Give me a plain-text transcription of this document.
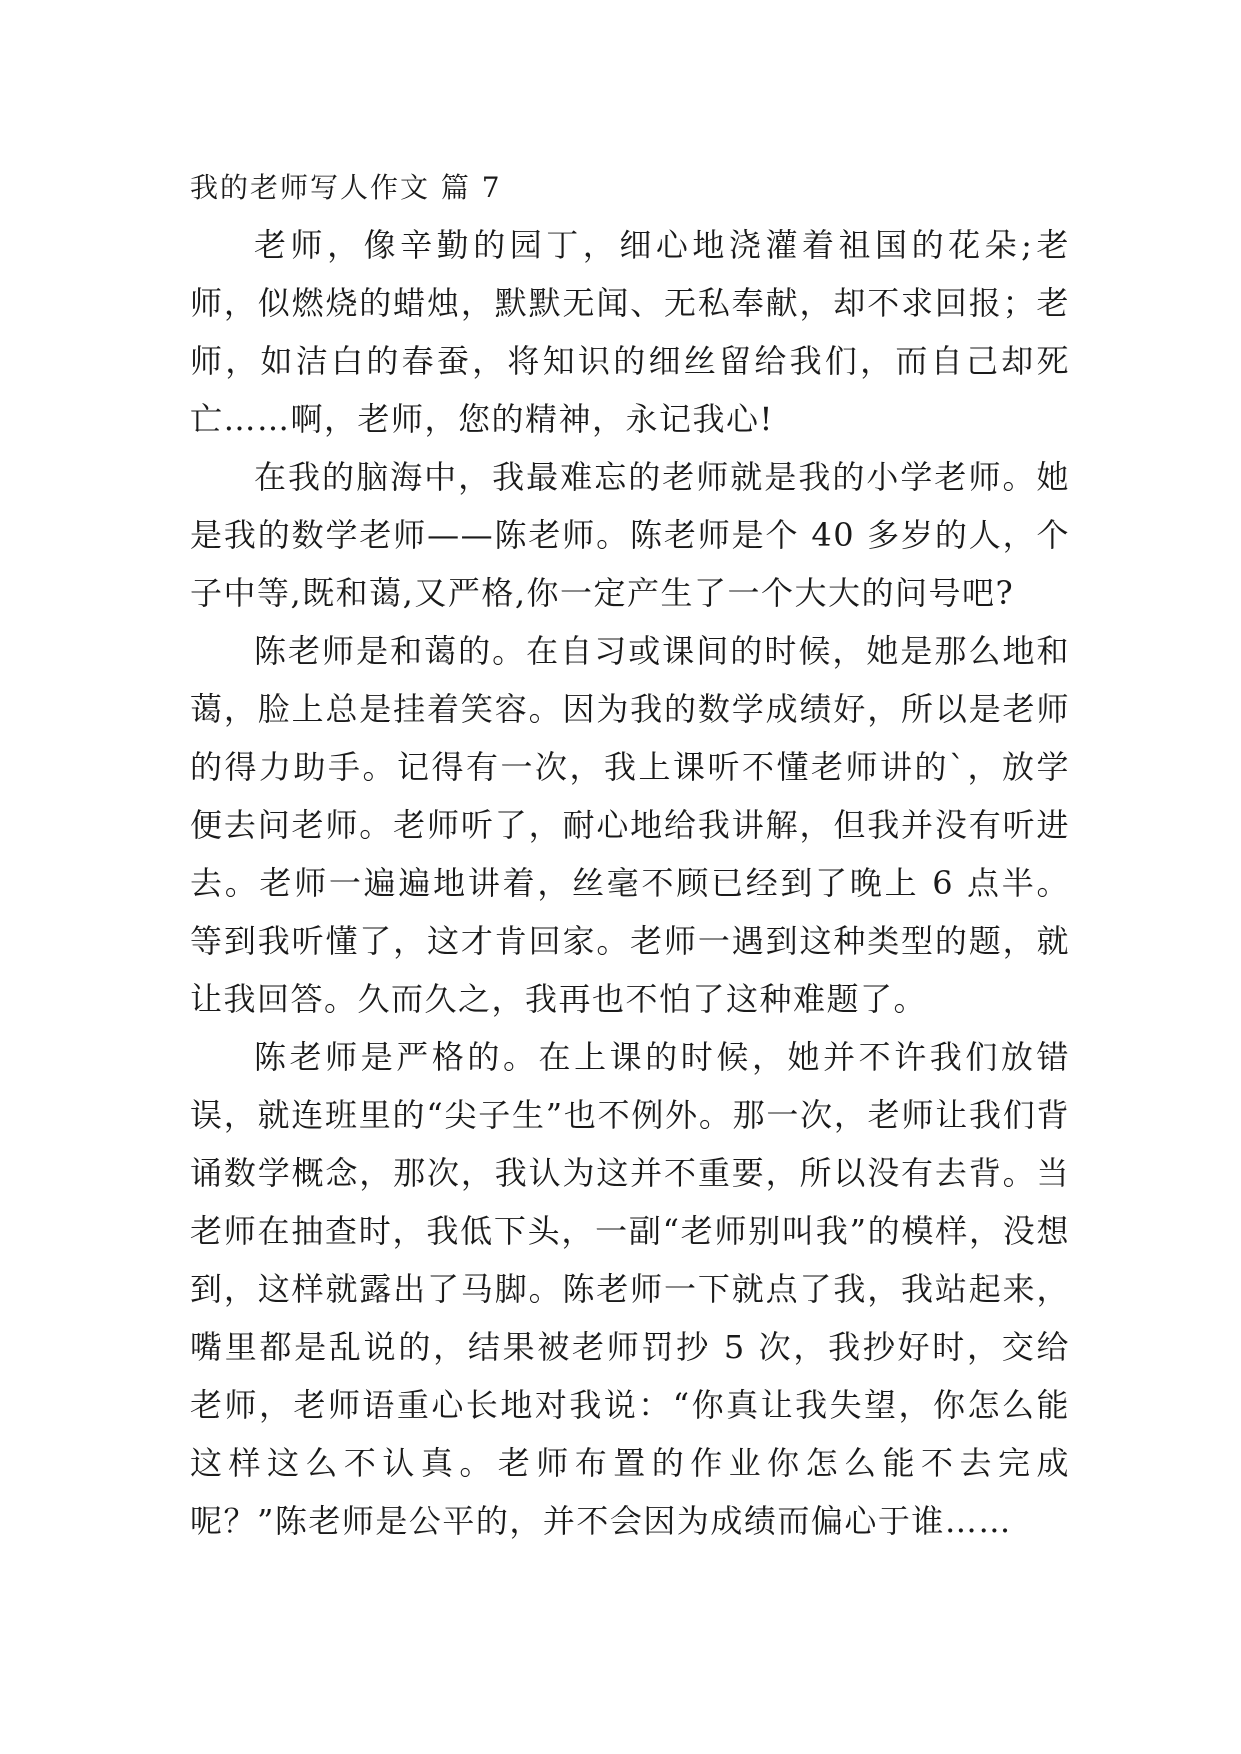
我的老师写人作文 篇 7

老师，像辛勤的园丁，细心地浇灌着祖国的花朵;老师，似燃烧的蜡烛，默默无闻、无私奉献，却不求回报；老师，如洁白的春蚕，将知识的细丝留给我们，而自己却死亡……啊，老师，您的精神，永记我心!

在我的脑海中，我最难忘的老师就是我的小学老师。她是我的数学老师——陈老师。陈老师是个 40 多岁的人，个子中等,既和蔼,又严格,你一定产生了一个大大的问号吧?

陈老师是和蔼的。在自习或课间的时候，她是那么地和蔼，脸上总是挂着笑容。因为我的数学成绩好，所以是老师的得力助手。记得有一次，我上课听不懂老师讲的`，放学便去问老师。老师听了，耐心地给我讲解，但我并没有听进去。老师一遍遍地讲着，丝毫不顾已经到了晚上 6 点半。等到我听懂了，这才肯回家。老师一遇到这种类型的题，就让我回答。久而久之，我再也不怕了这种难题了。

陈老师是严格的。在上课的时候，她并不许我们放错误，就连班里的“尖子生”也不例外。那一次，老师让我们背诵数学概念，那次，我认为这并不重要，所以没有去背。当老师在抽查时，我低下头，一副“老师别叫我”的模样，没想到，这样就露出了马脚。陈老师一下就点了我，我站起来，嘴里都是乱说的，结果被老师罚抄 5 次，我抄好时，交给老师，老师语重心长地对我说：“你真让我失望，你怎么能这样这么不认真。老师布置的作业你怎么能不去完成呢？”陈老师是公平的，并不会因为成绩而偏心于谁……
